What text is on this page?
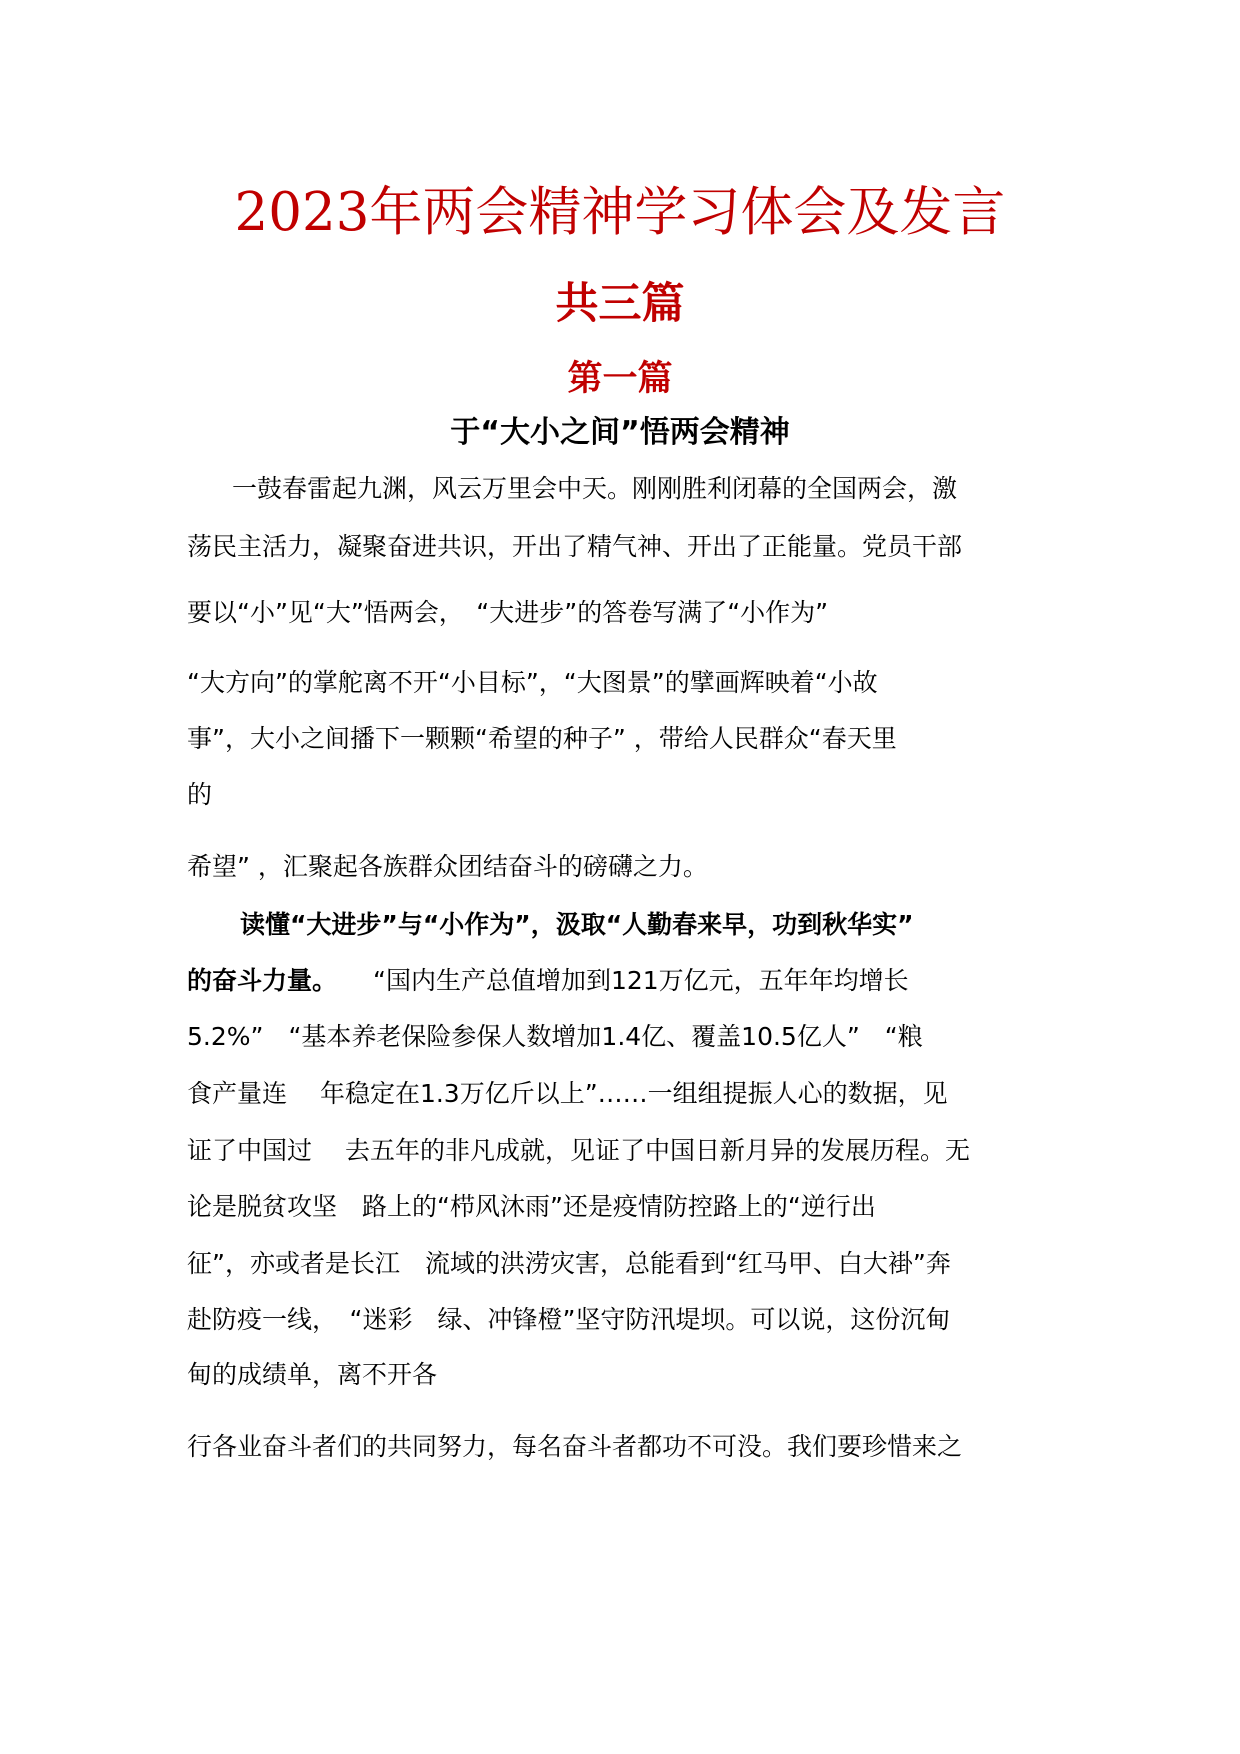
2023年两会精神学习体会及发言
共三篇
第一篇
于“大小之间”悟两会精神
一鼓春雷起九渊，风云万里会中天。刚刚胜利闭幕的全国两会，激
荡民主活力，凝聚奋进共识，开出了精气神、开出了正能量。党员干部
要以“小”见“大”悟两会，　“大进步”的答卷写满了“小作为”
“大方向”的掌舵离不开“小目标”，“大图景”的擘画辉映着“小故
事”，大小之间播下一颗颗“希望的种子” ，带给人民群众“春天里
的
希望” ，汇聚起各族群众团结奋斗的磅礴之力。
读懂“大进步”与“小作为”，汲取“人勤春来早，功到秋华实”
的奋斗力量。 “国内生产总值增加到121万亿元，五年年均增长
5.2%”　“基本养老保险参保人数增加1.4亿、覆盖10.5亿人”　“粮
食产量连　 年稳定在1.3万亿斤以上”……一组组提振人心的数据，见
证了中国过　 去五年的非凡成就，见证了中国日新月异的发展历程。无
论是脱贫攻坚　路上的“栉风沐雨”还是疫情防控路上的“逆行出
征”，亦或者是长江　流域的洪涝灾害，总能看到“红马甲、白大褂”奔
赴防疫一线，　“迷彩　绿、冲锋橙”坚守防汛堤坝。可以说，这份沉甸
甸的成绩单，离不开各
行各业奋斗者们的共同努力，每名奋斗者都功不可没。我们要珍惜来之
